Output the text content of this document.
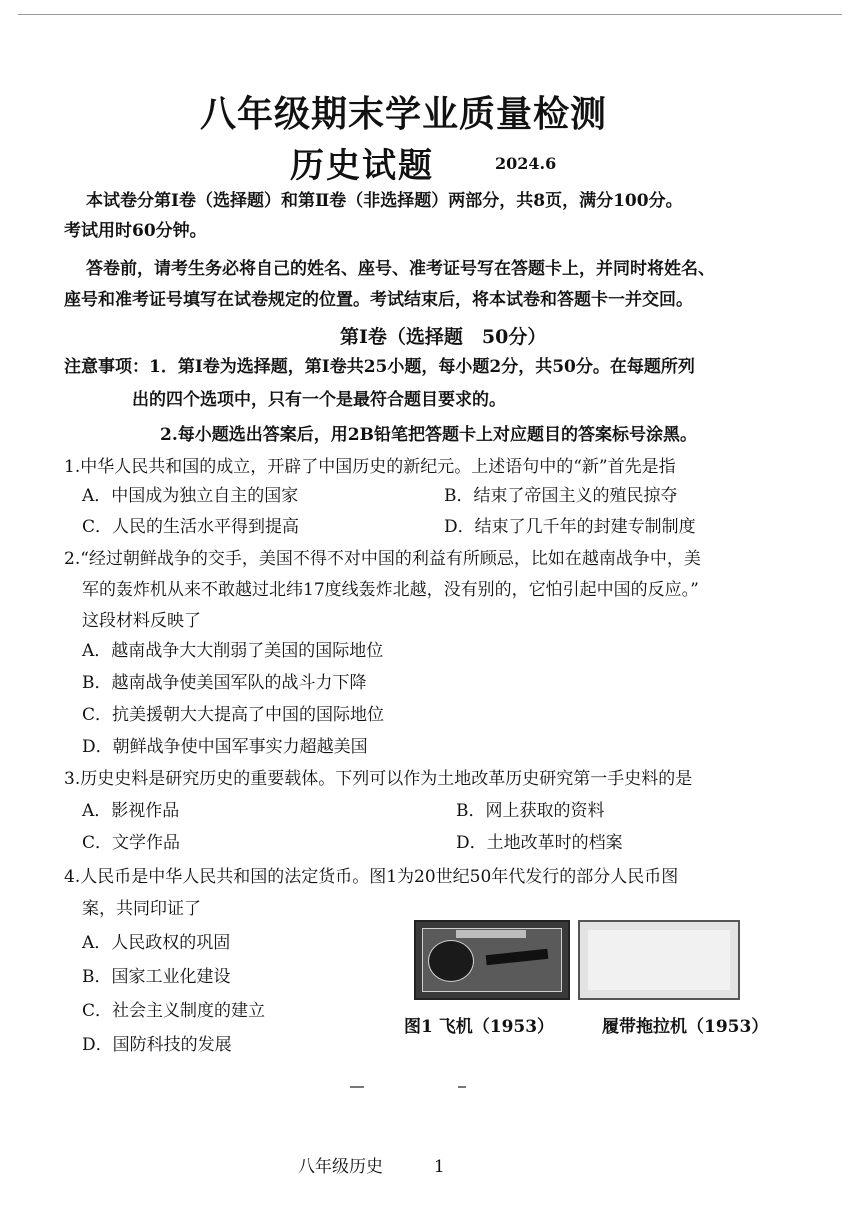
八年级期末学业质量检测
历史试题	2024.6
本试卷分第Ⅰ卷（选择题）和第Ⅱ卷（非选择题）两部分，共8页，满分100分。
考试用时60分钟。
答卷前，请考生务必将自己的姓名、座号、准考证号写在答题卡上，并同时将姓名、
座号和准考证号填写在试卷规定的位置。考试结束后，将本试卷和答题卡一并交回。
第Ⅰ卷（选择题　50分）
注意事项：1．第Ⅰ卷为选择题，第Ⅰ卷共25小题，每小题2分，共50分。在每题所列
出的四个选项中，只有一个是最符合题目要求的。
2.每小题选出答案后，用2B铅笔把答题卡上对应题目的答案标号涂黑。
1.中华人民共和国的成立，开辟了中国历史的新纪元。上述语句中的“新”首先是指
A．中国成为独立自主的国家	B．结束了帝国主义的殖民掠夺
C．人民的生活水平得到提高	D．结束了几千年的封建专制制度
2.“经过朝鲜战争的交手，美国不得不对中国的利益有所顾忌，比如在越南战争中，美
军的轰炸机从来不敢越过北纬17度线轰炸北越，没有别的，它怕引起中国的反应。”
这段材料反映了
A．越南战争大大削弱了美国的国际地位
B．越南战争使美国军队的战斗力下降
C．抗美援朝大大提高了中国的国际地位
D．朝鲜战争使中国军事实力超越美国
3.历史史料是研究历史的重要载体。下列可以作为土地改革历史研究第一手史料的是
A．影视作品	B．网上获取的资料
C．文学作品	D．土地改革时的档案
4.人民币是中华人民共和国的法定货币。图1为20世纪50年代发行的部分人民币图
案，共同印证了
A．人民政权的巩固
B．国家工业化建设
C．社会主义制度的建立
D．国防科技的发展
图1 飞机（1953）	履带拖拉机（1953）
八年级历史	1
